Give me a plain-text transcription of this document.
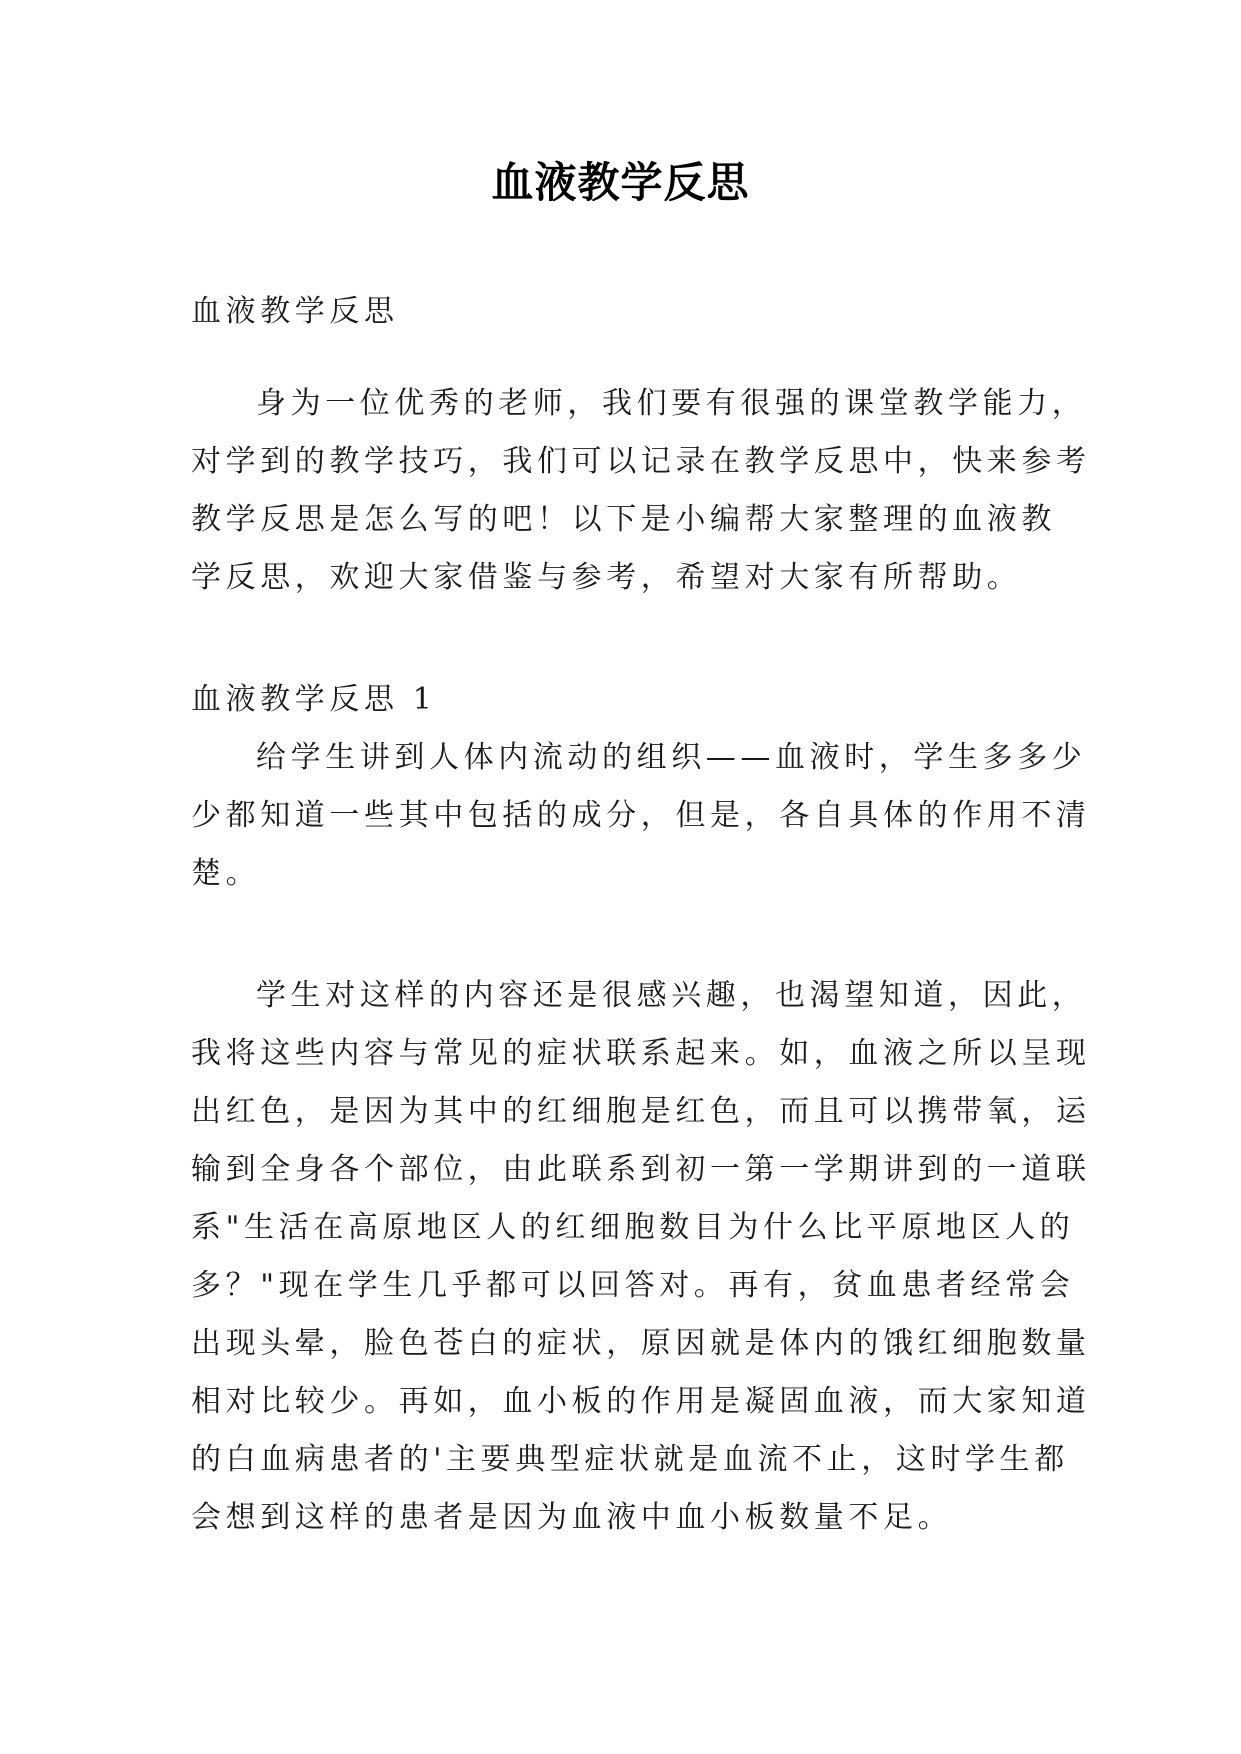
血液教学反思

血液教学反思

身为一位优秀的老师，我们要有很强的课堂教学能力，
对学到的教学技巧，我们可以记录在教学反思中，快来参考
教学反思是怎么写的吧！以下是小编帮大家整理的血液教
学反思，欢迎大家借鉴与参考，希望对大家有所帮助。

血液教学反思 1

给学生讲到人体内流动的组织——血液时，学生多多少
少都知道一些其中包括的成分，但是，各自具体的作用不清
楚。
学生对这样的内容还是很感兴趣，也渴望知道，因此，
我将这些内容与常见的症状联系起来。如，血液之所以呈现
出红色，是因为其中的红细胞是红色，而且可以携带氧，运
输到全身各个部位，由此联系到初一第一学期讲到的一道联
系"生活在高原地区人的红细胞数目为什么比平原地区人的
多？"现在学生几乎都可以回答对。再有，贫血患者经常会
出现头晕，脸色苍白的症状，原因就是体内的饿红细胞数量
相对比较少。再如，血小板的作用是凝固血液，而大家知道
的白血病患者的'主要典型症状就是血流不止，这时学生都
会想到这样的患者是因为血液中血小板数量不足。
